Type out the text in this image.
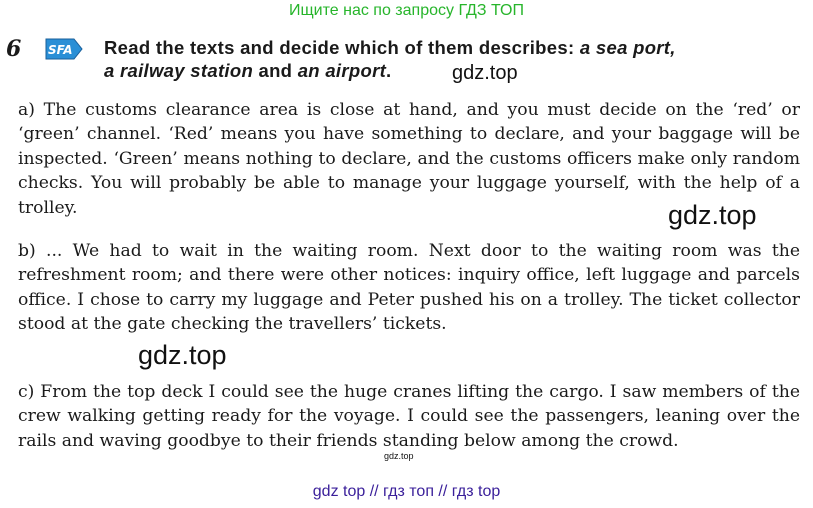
Ищите нас по запросу ГДЗ ТОП
6 SFA Read the texts and decide which of them describes: a sea port,
a railway station and an airport.	gdz.top

a) The customs clearance area is close at hand, and you must decide on the ‘red’ or ‘green’ channel. ‘Red’ means you have something to declare, and your baggage will be inspected. ‘Green’ means nothing to declare, and the customs officers make only random checks. You will probably be able to manage your luggage yourself, with the help of a trolley.	gdz.top

b) ... We had to wait in the waiting room. Next door to the waiting room was the refreshment room; and there were other notices: inquiry office, left luggage and parcels office. I chose to carry my luggage and Peter pushed his on a trolley. The ticket collector stood at the gate checking the travellers’ tickets.

gdz.top

c) From the top deck I could see the huge cranes lifting the cargo. I saw members of the crew walking getting ready for the voyage. I could see the passengers, leaning over the rails and waving goodbye to their friends standing below among the crowd.

gdz.top
gdz top // гдз топ // гдз top
